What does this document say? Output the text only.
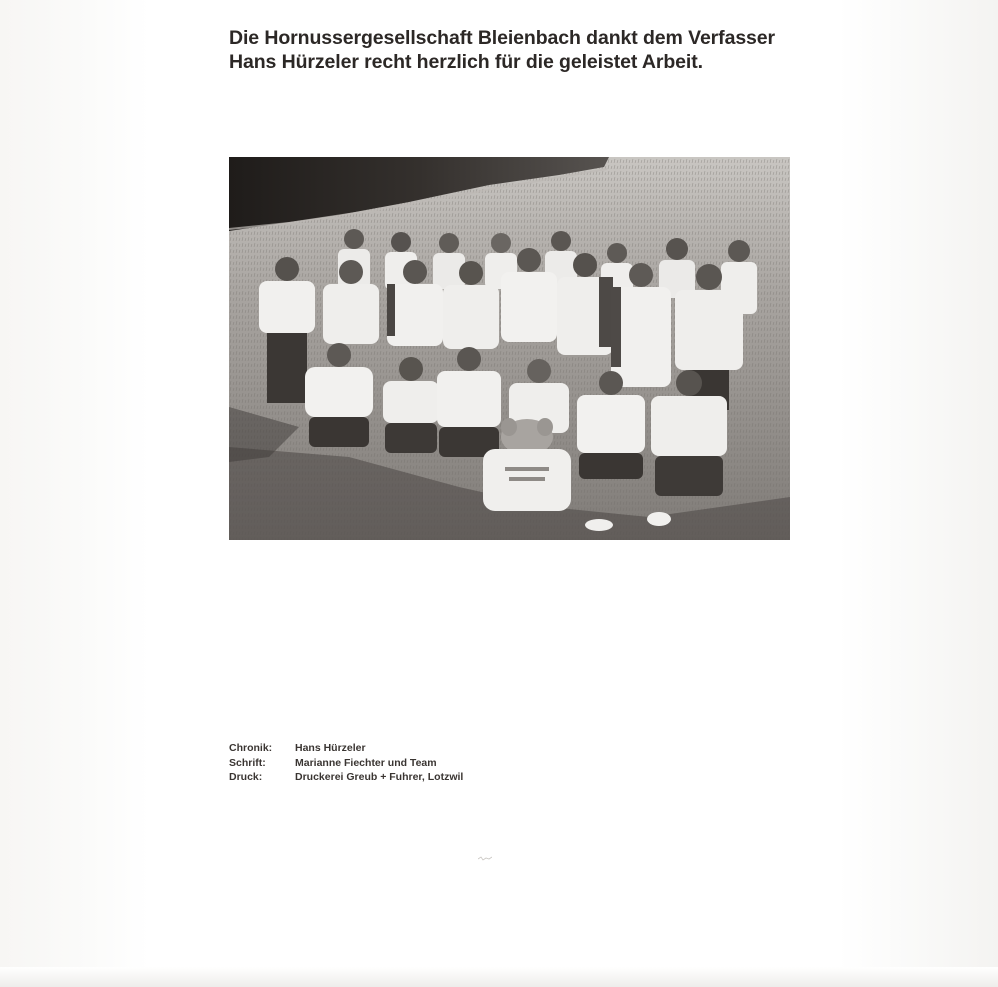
Die Hornussergesellschaft Bleienbach dankt dem Verfasser
Hans Hürzeler recht herzlich für die geleistet Arbeit.
Chronik:	Hans Hürzeler
Schrift:	Marianne Fiechter und Team
Druck:	Druckerei Greub + Fuhrer, Lotzwil
